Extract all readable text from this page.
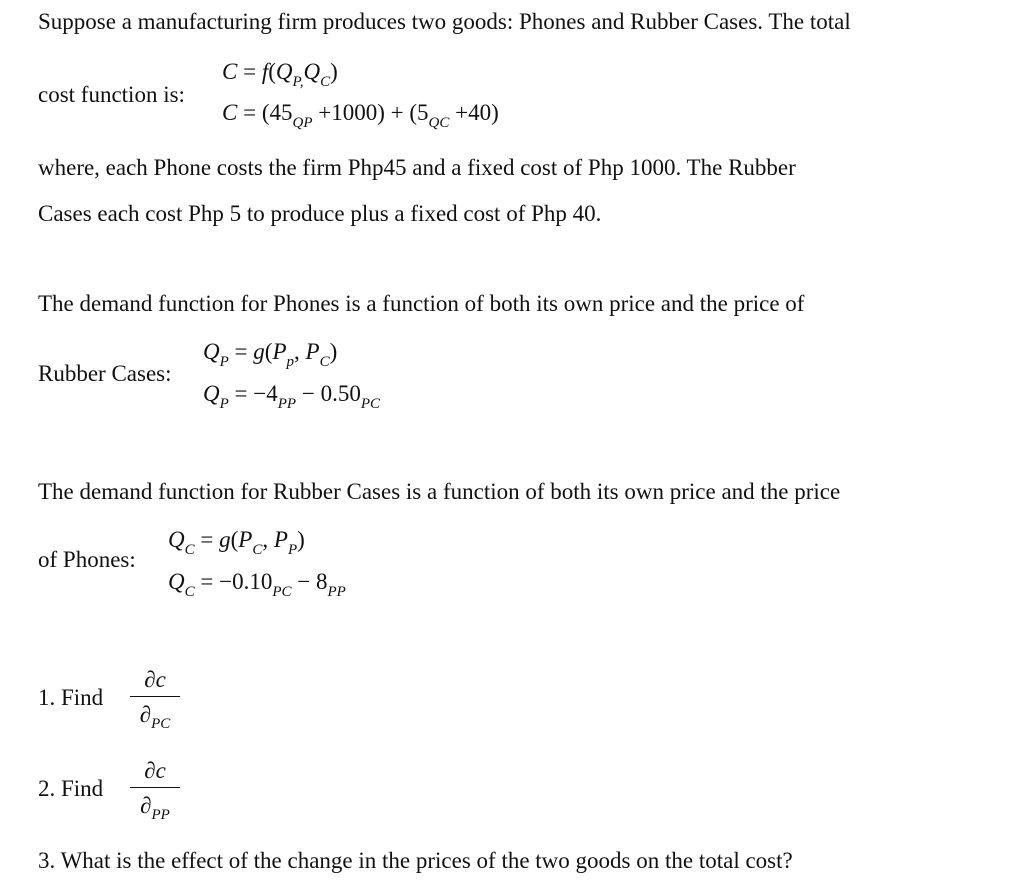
Suppose a manufacturing firm produces two goods: Phones and Rubber Cases. The total
cost function is:
$C = f(Q_{P,}Q_C)$
$C = (45_{QP} +1000) + (5_{QC} +40)$
where, each Phone costs the firm Php45 and a fixed cost of Php 1000. The Rubber
Cases each cost Php 5 to produce plus a fixed cost of Php 40.
The demand function for Phones is a function of both its own price and the price of
Rubber Cases:
$Q_P = g(P_p$, $P_C$)
$Q_P = -4_{PP} - 0.50_{PC}$
The demand function for Rubber Cases is a function of both its own price and the price
of Phones:
$Q_C = g(P_C$, $P_P$)
$Q_C = -0.10_{PC} - 8_{PP}$
1. Find
∂c
$\partial_{PC}$
2. Find
∂c
$\partial_{PP}$
3. What is the effect of the change in the prices of the two goods on the total cost?
